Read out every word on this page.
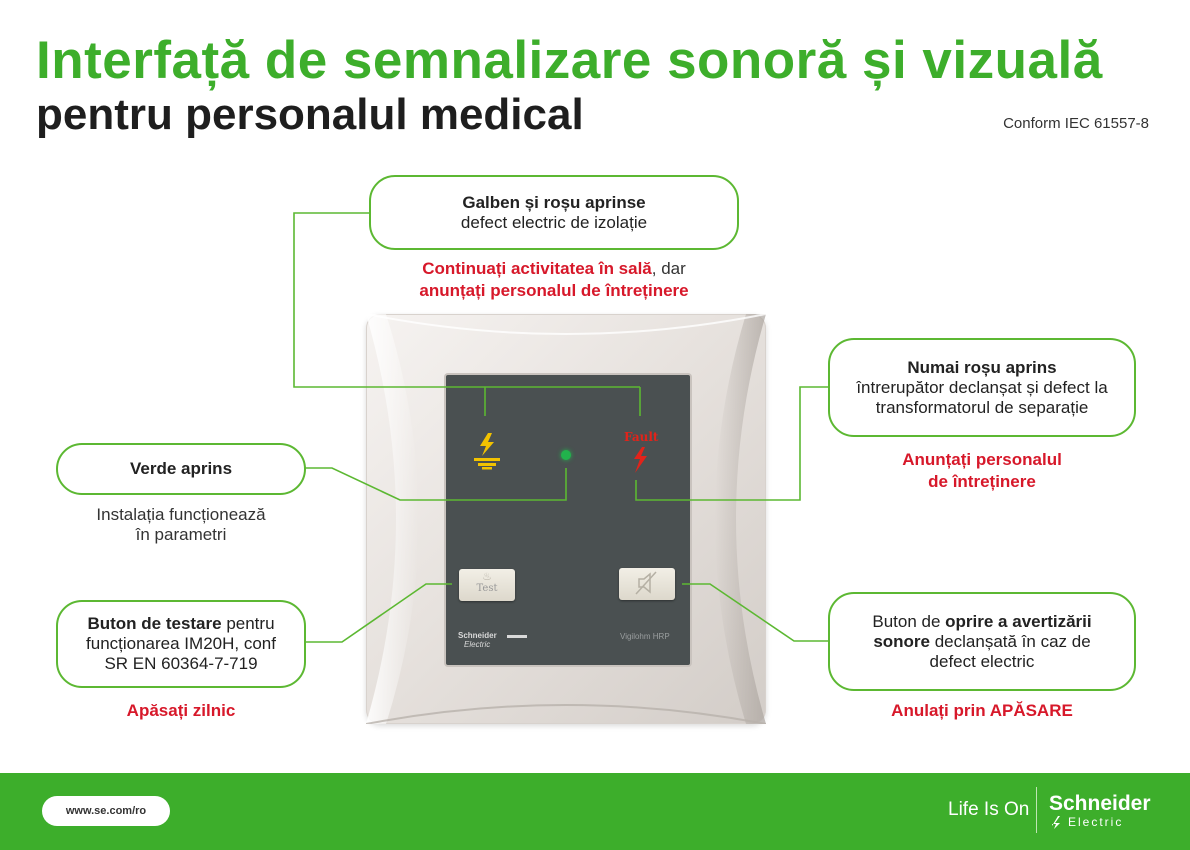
Interfață de semnalizare sonoră și vizuală
pentru personalul medical	Conform IEC 61557-8
Fault
♨
Test
Schneider
Electric
Vigilohm HRP
Galben și roșu aprinse
defect electric de izolație
Continuați activitatea în sală, dar
anunțați personalul de întreținere
Numai roșu aprins
întrerupător declanșat și defect la
transformatorul de separație
Anunțați personalul
de întreținere
Verde aprins
Instalația funcționează
în parametri
Buton de testare pentru
funcționarea IM20H, conf
SR EN 60364-7-719
Apăsați zilnic
Buton de oprire a avertizării
sonore declanșată în caz de
defect electric
Anulați prin APĂSARE
www.se.com/ro	Life Is On Schneider
Electric
